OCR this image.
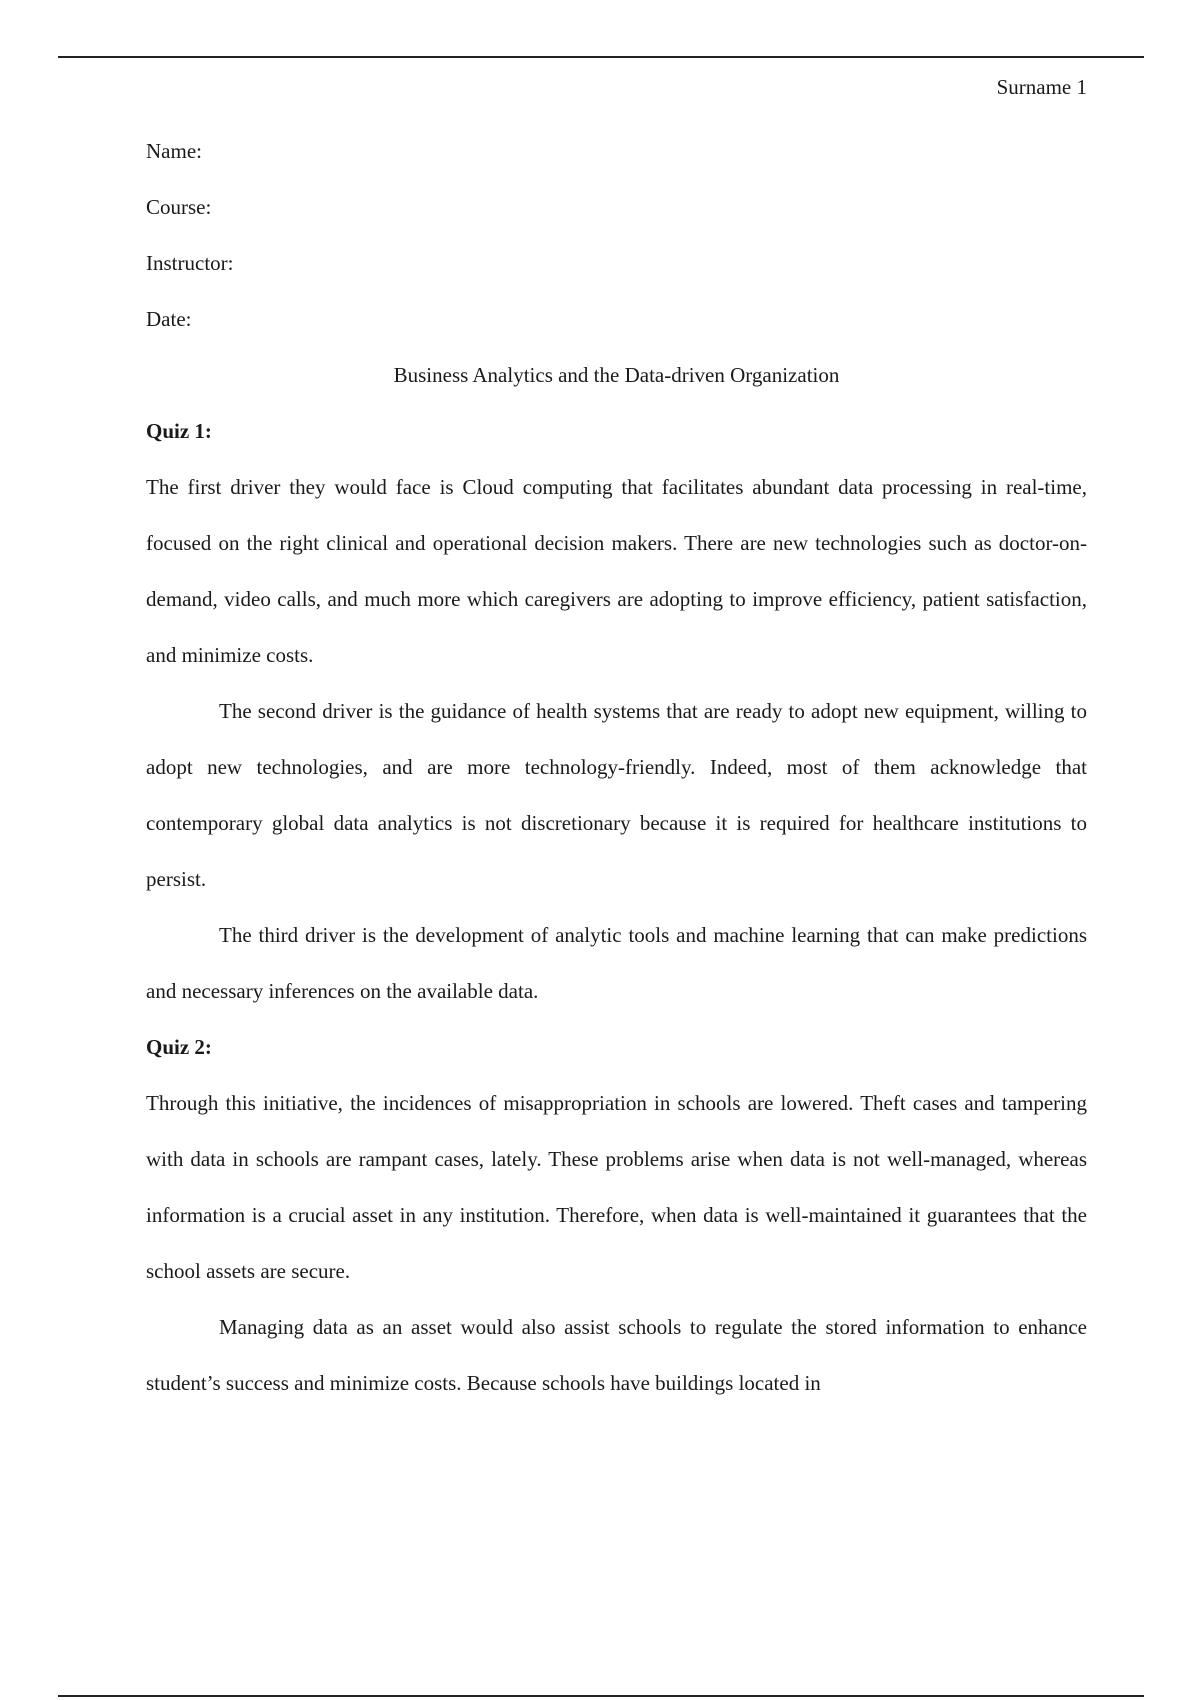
Surname 1

Name:

Course:

Instructor:

Date:

Business Analytics and the Data-driven Organization

Quiz 1:

The first driver they would face is Cloud computing that facilitates abundant data processing in real-time, focused on the right clinical and operational decision makers. There are new technologies such as doctor-on-demand, video calls, and much more which caregivers are adopting to improve efficiency, patient satisfaction, and minimize costs.

The second driver is the guidance of health systems that are ready to adopt new equipment, willing to adopt new technologies, and are more technology-friendly. Indeed, most of them acknowledge that contemporary global data analytics is not discretionary because it is required for healthcare institutions to persist.

The third driver is the development of analytic tools and machine learning that can make predictions and necessary inferences on the available data.

Quiz 2:

Through this initiative, the incidences of misappropriation in schools are lowered. Theft cases and tampering with data in schools are rampant cases, lately. These problems arise when data is not well-managed, whereas information is a crucial asset in any institution. Therefore, when data is well-maintained it guarantees that the school assets are secure.

Managing data as an asset would also assist schools to regulate the stored information to enhance student’s success and minimize costs. Because schools have buildings located in
